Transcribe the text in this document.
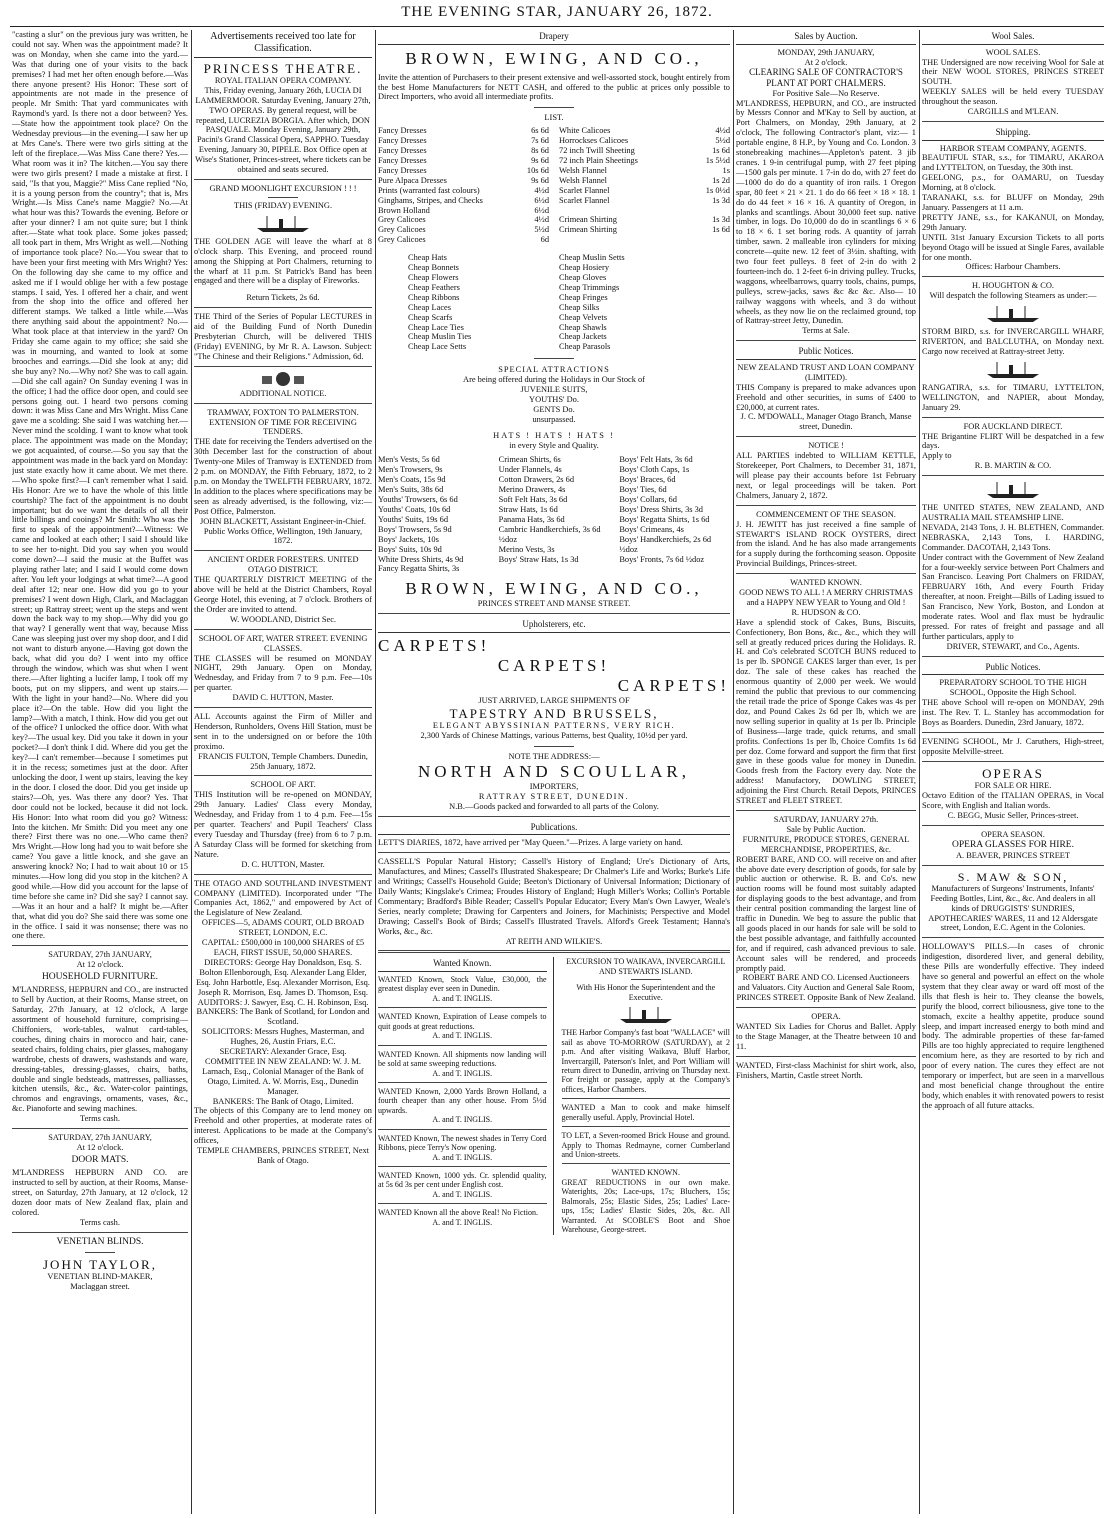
THE EVENING STAR, JANUARY 26, 1872.

"casting a slur" on the previous jury was written, he could not say. When was the appointment made? It was on Monday, when she came into the yard.—Was that during one of your visits to the back premises? I had met her often enough before.—Was there anyone present? His Honor: These sort of appointments are not made in the presence of people. Mr Smith: That yard communicates with Raymond's yard. Is there not a door between? Yes.—State how the appointment took place? On the Wednesday previous—in the evening—I saw her up at Mrs Cane's. There were two girls sitting at the left of the fireplace.—Was Miss Cane there? Yes.—What room was it in? The kitchen.—You say there were two girls present? I made a mistake at first. I said, "Is that you, Maggie?" Miss Cane replied "No, it is a young person from the country"; that is, Mrs Wright.—Is Miss Cane's name Maggie? No.—At what hour was this? Towards the evening. Before or after your dinner? I am not quite sure; but I think after.—State what took place. Some jokes passed; all took part in them, Mrs Wright as well.—Nothing of importance took place? No.—You swear that to have been your first meeting with Mrs Wright? Yes: On the following day she came to my office and asked me if I would oblige her with a few postage stamps. I said, Yes. I offered her a chair, and went from the shop into the office and offered her different stamps. We talked a little while.—Was there anything said about the appointment? No.—What took place at that interview in the yard? On Friday she came again to my office; she said she was in mourning, and wanted to look at some brooches and earrings.—Did she look at any; did she buy any? No.—Why not? She was to call again.—Did she call again? On Sunday evening I was in the office; I had the office door open, and could see persons going out. I heard two persons coming down: it was Miss Cane and Mrs Wright. Miss Cane gave me a scolding: She said I was watching her.—Never mind the scolding. I want to know what took place. The appointment was made on the Monday; we got acquainted, of course.—So you say that the appointment was made in the back yard on Monday: just state exactly how it came about. We met there.—Who spoke first?—I can't remember what I said. His Honor: Are we to have the whole of this little courtship? The fact of the appointment is no doubt important; but do we want the details of all their little billings and cooings? Mr Smith: Who was the first to speak of the appointment?—Witness: We came and looked at each other; I said I should like to see her to-night. Did you say when you would come down?—I said the music at the Buffet was playing rather late; and I said I would come down after. You left your lodgings at what time?—A good deal after 12; near one. How did you go to your premises? I went down High, Clark, and Maclaggan street; up Rattray street; went up the steps and went down the back way to my shop.—Why did you go that way? I generally went that way, because Miss Cane was sleeping just over my shop door, and I did not want to disturb anyone.—Having got down the back, what did you do? I went into my office through the window, which was shut when I went there.—After lighting a lucifer lamp, I took off my boots, put on my slippers, and went up stairs.—With the light in your hand?—No. Where did you place it?—On the table. How did you light the lamp?—With a match, I think. How did you get out of the office? I unlocked the office door. With what key?—The usual key. Did you take it down in your pocket?—I don't think I did. Where did you get the key?—I can't remember—because I sometimes put it in the recess; sometimes just at the door. After unlocking the door, I went up stairs, leaving the key in the door. I closed the door. Did you get inside up stairs?—Oh, yes. Was there any door? Yes. That door could not be locked, because it did not lock. His Honor: Into what room did you go? Witness: Into the kitchen. Mr Smith: Did you meet any one there? First there was no one.—Who came then? Mrs Wright.—How long had you to wait before she came? You gave a little knock, and she gave an answering knock? No; I had to wait about 10 or 15 minutes.—How long did you stop in the kitchen? A good while.—How did you account for the lapse of time before she came in? Did she say? I cannot say.—Was it an hour and a half? It might be.—After that, what did you do? She said there was some one in the office. I said it was nonsense; there was no one there.

SATURDAY, 27th JANUARY,

At 12 o'clock.

HOUSEHOLD FURNITURE.

M'LANDRESS, HEPBURN and CO., are instructed to Sell by Auction, at their Rooms, Manse street, on Saturday, 27th January, at 12 o'clock, A large assortment of household furniture, comprising—Chiffoniers, work-tables, walnut card-tables, couches, dining chairs in morocco and hair, cane-seated chairs, folding chairs, pier glasses, mahogany wardrobe, chests of drawers, washstands and ware, dressing-tables, dressing-glasses, chairs, baths, double and single bedsteads, mattresses, palliasses, kitchen utensils, &c., &c. Water-color paintings, chromos and engravings, ornaments, vases, &c., &c. Pianoforte and sewing machines.

Terms cash.

SATURDAY, 27th JANUARY,

At 12 o'clock.

DOOR MATS.

M'LANDRESS HEPBURN AND CO. are instructed to sell by auction, at their Rooms, Manse-street, on Saturday, 27th January, at 12 o'clock, 12 dozen door mats of New Zealand flax, plain and colored.

Terms cash.

VENETIAN BLINDS.

JOHN TAYLOR,

VENETIAN BLIND-MAKER,

Maclaggan street.

Advertisements received too late for Classification.

PRINCESS THEATRE.

ROYAL ITALIAN OPERA COMPANY.

This, Friday evening, January 26th, LUCIA DI LAMMERMOOR. Saturday Evening, January 27th, TWO OPERAS. By general request, will be repeated, LUCREZIA BORGIA. After which, DON PASQUALE. Monday Evening, January 29th, Pacini's Grand Classical Opera, SAPPHO. Tuesday Evening, January 30, PIPELE. Box Office open at Wise's Stationer, Princes-street, where tickets can be obtained and seats secured.

GRAND MOONLIGHT EXCURSION ! ! !

THIS (FRIDAY) EVENING.

THE GOLDEN AGE will leave the wharf at 8 o'clock sharp. This Evening, and proceed round among the Shipping at Port Chalmers, returning to the wharf at 11 p.m. St Patrick's Band has been engaged and there will be a display of Fireworks.

Return Tickets, 2s 6d.

THE Third of the Series of Popular LECTURES in aid of the Building Fund of North Dunedin Presbyterian Church, will be delivered THIS (Friday) EVENING, by Mr R. A. Lawson. Subject: "The Chinese and their Religions." Admission, 6d.

ADDITIONAL NOTICE.

TRAMWAY, FOXTON TO PALMERSTON.

EXTENSION OF TIME FOR RECEIVING TENDERS.

THE date for receiving the Tenders advertised on the 30th December last for the construction of about Twenty-one Miles of Tramway is EXTENDED from 2 p.m. on MONDAY, the Fifth February, 1872, to 2 p.m. on Monday the TWELFTH FEBRUARY, 1872. In addition to the places where specifications may be seen as already advertised, is the following, viz:— Post Office, Palmerston.

JOHN BLACKETT, Assistant Engineer-in-Chief. Public Works Office, Wellington, 19th January, 1872.

ANCIENT ORDER FORESTERS. UNITED OTAGO DISTRICT.

THE QUARTERLY DISTRICT MEETING of the above will be held at the District Chambers, Royal George Hotel, this evening, at 7 o'clock. Brothers of the Order are invited to attend.

W. WOODLAND, District Sec.

SCHOOL OF ART, WATER STREET. EVENING CLASSES.

THE CLASSES will be resumed on MONDAY NIGHT, 29th January. Open on Monday, Wednesday, and Friday from 7 to 9 p.m. Fee—10s per quarter.

DAVID C. HUTTON, Master.

ALL Accounts against the Firm of Miller and Henderson, Runholders, Ovens Hill Station, must be sent in to the undersigned on or before the 10th proximo.

FRANCIS FULTON, Temple Chambers. Dunedin, 25th January, 1872.

SCHOOL OF ART.

THIS Institution will be re-opened on MONDAY, 29th January. Ladies' Class every Monday, Wednesday, and Friday from 1 to 4 p.m. Fee—15s per quarter. Teachers' and Pupil Teachers' Class every Tuesday and Thursday (free) from 6 to 7 p.m. A Saturday Class will be formed for sketching from Nature.

D. C. HUTTON, Master.

THE OTAGO AND SOUTHLAND INVESTMENT COMPANY (LIMITED). Incorporated under "The Companies Act, 1862," and empowered by Act of the Legislature of New Zealand.

OFFICES—5, ADAMS COURT, OLD BROAD STREET, LONDON, E.C.

CAPITAL: £500,000 in 100,000 SHARES of £5 EACH, FIRST ISSUE, 50,000 SHARES.

DIRECTORS: George Hay Donaldson, Esq. S. Bolton Ellenborough, Esq. Alexander Lang Elder, Esq. John Harbottle, Esq. Alexander Morrison, Esq. Joseph R. Morrison, Esq. James D. Thomson, Esq.

AUDITORS: J. Sawyer, Esq. C. H. Robinson, Esq.

BANKERS: The Bank of Scotland, for London and Scotland.

SOLICITORS: Messrs Hughes, Masterman, and Hughes, 26, Austin Friars, E.C.

SECRETARY: Alexander Grace, Esq.

COMMITTEE IN NEW ZEALAND: W. J. M. Larnach, Esq., Colonial Manager of the Bank of Otago, Limited. A. W. Morris, Esq., Dunedin Manager.

BANKERS: The Bank of Otago, Limited.

The objects of this Company are to lend money on Freehold and other properties, at moderate rates of interest. Applications to be made at the Company's offices,

TEMPLE CHAMBERS, PRINCES STREET, Next Bank of Otago.

Drapery

BROWN, EWING, AND CO.,

Invite the attention of Purchasers to their present extensive and well-assorted stock, bought entirely from the best Home Manufacturers for NETT CASH, and offered to the public at prices only possible to Direct Importers, who avoid all intermediate profits.

LIST.

Fancy Dresses	6s 6d
Fancy Dresses	7s 6d
Fancy Dresses	8s 6d
Fancy Dresses	9s 6d
Fancy Dresses	10s 6d
Pure Alpaca Dresses	9s 6d
Prints (warranted fast colours)	4½d
Ginghams, Stripes, and Checks	6½d
Brown Holland	6½d
Grey Calicoes	4½d
Grey Calicoes	5½d
Grey Calicoes	6d
White Calicoes	4½d
Horrockses Calicoes	5½d
72 inch Twill Sheeting	1s 6d
72 inch Plain Sheetings	1s 5½d
Welsh Flannel	1s
Welsh Flannel	1s 2d
Scarlet Flannel	1s 0½d
Scarlet Flannel	1s 3d

Crimean Shirting	1s 3d
Crimean Shirting	1s 6d

Cheap Hats
Cheap Bonnets
Cheap Flowers
Cheap Feathers
Cheap Ribbons
Cheap Laces
Cheap Scarfs
Cheap Lace Ties
Cheap Muslin Ties
Cheap Lace Setts
Cheap Muslin Setts
Cheap Hosiery
Cheap Gloves
Cheap Trimmings
Cheap Fringes
Cheap Silks
Cheap Velvets
Cheap Shawls
Cheap Jackets
Cheap Parasols

SPECIAL ATTRACTIONS

Are being offered during the Holidays in Our Stock of

JUVENILE SUITS,
YOUTHS' Do.
GENTS Do.

unsurpassed.

HATS ! HATS ! HATS !

in every Style and Quality.

Men's Vests, 5s 6d
Men's Trowsers, 9s
Men's Coats, 15s 9d
Men's Suits, 38s 6d
Youths' Trowsers, 6s 6d
Youths' Coats, 10s 6d
Youths' Suits, 19s 6d
Boys' Trowsers, 5s 9d
Boys' Jackets, 10s
Boys' Suits, 10s 9d
White Dress Shirts, 4s 9d
Fancy Regatta Shirts, 3s
Crimean Shirts, 6s
Under Flannels, 4s
Cotton Drawers, 2s 6d
Merino Drawers, 4s
Soft Felt Hats, 3s 6d
Straw Hats, 1s 6d
Panama Hats, 3s 6d
Cambric Handkerchiefs, 3s 6d ½doz
Merino Vests, 3s
Boys' Straw Hats, 1s 3d
Boys' Felt Hats, 3s 6d
Boys' Cloth Caps, 1s
Boys' Braces, 6d
Boys' Ties, 6d
Boys' Collars, 6d
Boys' Dress Shirts, 3s 3d
Boys' Regatta Shirts, 1s 6d
Boys' Crimeans, 4s
Boys' Handkerchiefs, 2s 6d ½doz
Boys' Fronts, 7s 6d ½doz

BROWN, EWING, AND CO.,

PRINCES STREET AND MANSE STREET.

Upholsterers, etc.

CARPETS!

CARPETS!

CARPETS!

JUST ARRIVED, LARGE SHIPMENTS OF

TAPESTRY AND BRUSSELS,

ELEGANT ABYSSINIAN PATTERNS, VERY RICH.

2,300 Yards of Chinese Mattings, various Patterns, best Quality, 10½d per yard.

NOTE THE ADDRESS:—

NORTH AND SCOULLAR,

IMPORTERS,

RATTRAY STREET, DUNEDIN.

N.B.—Goods packed and forwarded to all parts of the Colony.

Publications.

LETT'S DIARIES, 1872, have arrived per "May Queen."—Prizes. A large variety on hand.

CASSELL'S Popular Natural History; Cassell's History of England; Ure's Dictionary of Arts, Manufactures, and Mines; Cassell's Illustrated Shakespeare; Dr Chalmer's Life and Works; Burke's Life and Writings; Cassell's Household Guide; Beeton's Dictionary of Universal Information; Dictionary of Daily Wants; Kingslake's Crimea; Froudes History of England; Hugh Miller's Works; Collin's Portable Commentary; Bradford's Bible Reader; Cassell's Popular Educator; Every Man's Own Lawyer, Weale's Series, nearly complete; Drawing for Carpenters and Joiners, for Machinists; Perspective and Model Drawing; Cassell's Book of Birds; Cassell's Illustrated Travels. Alford's Greek Testament; Hanna's Works, &c., &c.

AT REITH AND WILKIE'S.

Wanted Known.

WANTED Known, Stock Value, £30,000, the greatest display ever seen in Dunedin.

A. and T. INGLIS.

WANTED Known, Expiration of Lease compels to quit goods at great reductions.

A. and T. INGLIS.

WANTED Known. All shipments now landing will be sold at same sweeping reductions.

A. and T. INGLIS.

WANTED Known, 2,000 Yards Brown Holland, a fourth cheaper than any other house. From 5½d upwards.

A. and T. INGLIS.

WANTED Known, The newest shades in Terry Cord Ribbons, piece Terry's Now opening.

A. and T. INGLIS.

WANTED Known, 1000 yds. Cr. splendid quality, at 5s 6d 3s per cent under English cost.

A. and T. INGLIS.

WANTED Known all the above Real! No Fiction.

A. and T. INGLIS.

EXCURSION TO WAIKAVA, INVERCARGILL AND STEWARTS ISLAND.

With His Honor the Superintendent and the Executive.

THE Harbor Company's fast boat "WALLACE" will sail as above TO-MORROW (SATURDAY), at 2 p.m. And after visiting Waikava, Bluff Harbor, Invercargill, Paterson's Inlet, and Port William will return direct to Dunedin, arriving on Thursday next. For freight or passage, apply at the Company's offices, Harbor Chambers.

WANTED a Man to cook and make himself generally useful. Apply, Provincial Hotel.

TO LET, a Seven-roomed Brick House and ground. Apply to Thomas Redmayne, corner Cumberland and Union-streets.

WANTED KNOWN.

GREAT REDUCTIONS in our own make. Waterights, 20s; Lace-ups, 17s; Bluchers, 15s; Balmorals, 25s; Elastic Sides, 25s; Ladies' Lace-ups, 15s; Ladies' Elastic Sides, 20s, &c. All Warranted. At SCOBLE'S Boot and Shoe Warehouse, George-street.

Sales by Auction.

MONDAY, 29th JANUARY,

At 2 o'clock.

CLEARING SALE OF CONTRACTOR'S PLANT AT PORT CHALMERS.

For Positive Sale—No Reserve.

M'LANDRESS, HEPBURN, and CO., are instructed by Messrs Connor and M'Kay to Sell by auction, at Port Chalmers, on Monday, 29th January, at 2 o'clock, The following Contractor's plant, viz:— 1 portable engine, 8 H.P., by Young and Co. London. 3 stonebreaking machines—Appleton's patent. 3 jib cranes. 1 9-in centrifugal pump, with 27 feet piping —1500 gals per minute. 1 7-in do do, with 27 feet do—1000 do do do a quantity of iron rails. 1 Oregon spar, 80 feet × 21 × 21. 1 do do 66 feet × 18 × 18. 1 do do 44 feet × 16 × 16. A quantity of Oregon, in planks and scantlings. About 30,000 feet sup. native timber, in logs. Do 10,000 do do in scantlings 6 × 6 to 18 × 6. 1 set boring rods. A quantity of jarrah timber, sawn. 2 malleable iron cylinders for mixing concrete—quite new. 12 feet of 3½in. shafting, with two four feet pulleys. 8 feet of 2-in do with 2 fourteen-inch do. 1 2-feet 6-in driving pulley. Trucks, waggons, wheelbarrows, quarry tools, chains, pumps, pulleys, screw-jacks, saws &c &c &c. Also— 10 railway waggons with wheels, and 3 do without wheels, as they now lie on the reclaimed ground, top of Rattray-street Jetty, Dunedin.

Terms at Sale.

Public Notices.

NEW ZEALAND TRUST AND LOAN COMPANY (LIMITED).

THIS Company is prepared to make advances upon Freehold and other securities, in sums of £400 to £20,000, at current rates.

J. C. M'DOWALL, Manager Otago Branch, Manse street, Dunedin.

NOTICE !

ALL PARTIES indebted to WILLIAM KETTLE, Storekeeper, Port Chalmers, to December 31, 1871, will please pay their accounts before 1st February next, or legal proceedings will be taken. Port Chalmers, January 2, 1872.

COMMENCEMENT OF THE SEASON.

J. H. JEWITT has just received a fine sample of STEWART'S ISLAND ROCK OYSTERS, direct from the island. And he has also made arrangements for a supply during the forthcoming season. Opposite Provincial Buildings, Princes-street.

WANTED KNOWN.

GOOD NEWS TO ALL ! A MERRY CHRISTMAS and a HAPPY NEW YEAR to Young and Old !

R. HUDSON & CO.

Have a splendid stock of Cakes, Buns, Biscuits, Confectionery, Bon Bons, &c., &c., which they will sell at greatly reduced prices during the Holidays. R. H. and Co's celebrated SCOTCH BUNS reduced to 1s per lb. SPONGE CAKES larger than ever, 1s per doz. The sale of these cakes has reached the enormous quantity of 2,000 per week. We would remind the public that previous to our commencing the retail trade the price of Sponge Cakes was 4s per doz, and Pound Cakes 2s 6d per lb, which we are now selling superior in quality at 1s per lb. Principle of Business—large trade, quick returns, and small profits. Confections 1s per lb, Choice Comfits 1s 6d per doz. Come forward and support the firm that first gave in these goods value for money in Dunedin. Goods fresh from the Factory every day. Note the address! Manufactory, DOWLING STREET, adjoining the First Church. Retail Depots, PRINCES STREET and FLEET STREET.

SATURDAY, JANUARY 27th.

Sale by Public Auction.

FURNITURE, PRODUCE STORES, GENERAL MERCHANDISE, PROPERTIES, &c.

ROBERT BARE, AND CO. will receive on and after the above date every description of goods, for sale by public auction or otherwise. R. B. and Co's. new auction rooms will be found most suitably adapted for displaying goods to the best advantage, and from their central position commanding the largest line of traffic in Dunedin. We beg to assure the public that all goods placed in our hands for sale will be sold to the best possible advantage, and faithfully accounted for, and if required, cash advanced previous to sale. Account sales will be rendered, and proceeds promptly paid.

ROBERT BARE AND CO. Licensed Auctioneers and Valuators. City Auction and General Sale Room, PRINCES STREET. Opposite Bank of New Zealand.

OPERA.

WANTED Six Ladies for Chorus and Ballet. Apply to the Stage Manager, at the Theatre between 10 and 11.

WANTED, First-class Machinist for shirt work, also, Finishers, Martin, Castle street North.

Wool Sales.

WOOL SALES.

THE Undersigned are now receiving Wool for Sale at their NEW WOOL STORES, PRINCES STREET SOUTH.

WEEKLY SALES will be held every TUESDAY throughout the season.

CARGILLS and M'LEAN.

Shipping.

HARBOR STEAM COMPANY, AGENTS.

BEAUTIFUL STAR, s.s., for TIMARU, AKAROA and LYTTELTON, on Tuesday, the 30th inst.

GEELONG, p.s., for OAMARU, on Tuesday Morning, at 8 o'clock.

TARANAKI, s.s. for BLUFF on Monday, 29th January. Passengers at 11 a.m.

PRETTY JANE, s.s., for KAKANUI, on Monday, 29th January.

UNTIL 31st January Excursion Tickets to all ports beyond Otago will be issued at Single Fares, available for one month.

Offices: Harbour Chambers.

H. HOUGHTON & CO.

Will despatch the following Steamers as under:—

STORM BIRD, s.s. for INVERCARGILL WHARF, RIVERTON, and BALCLUTHA, on Monday next. Cargo now received at Rattray-street Jetty.

RANGATIRA, s.s. for TIMARU, LYTTELTON, WELLINGTON, and NAPIER, about Monday, January 29.

FOR AUCKLAND DIRECT.

THE Brigantine FLIRT Will be despatched in a few days.

Apply to

R. B. MARTIN & CO.

THE UNITED STATES, NEW ZEALAND, AND AUSTRALIA MAIL STEAMSHIP LINE.

NEVADA, 2143 Tons, J. H. BLETHEN, Commander. NEBRASKA, 2,143 Tons, I. HARDING, Commander. DACOTAH, 2,143 Tons.

Under contract with the Government of New Zealand for a four-weekly service between Port Chalmers and San Francisco. Leaving Port Chalmers on FRIDAY, FEBRUARY 16th, And every Fourth Friday thereafter, at noon. Freight—Bills of Lading issued to San Francisco, New York, Boston, and London at moderate rates. Wool and flax must be hydraulic pressed. For rates of freight and passage and all further particulars, apply to

DRIVER, STEWART, and Co., Agents.

Public Notices.

PREPARATORY SCHOOL TO THE HIGH SCHOOL, Opposite the High School.

THE above School will re-open on MONDAY, 29th inst. The Rev. T. L. Stanley has accommodation for Boys as Boarders. Dunedin, 23rd January, 1872.

EVENING SCHOOL, Mr J. Caruthers, High-street, opposite Melville-street.

OPERAS

FOR SALE OR HIRE.

Octavo Edition of the ITALIAN OPERAS, in Vocal Score, with English and Italian words.

C. BEGG, Music Seller, Princes-street.

OPERA SEASON.

OPERA GLASSES FOR HIRE.

A. BEAVER, PRINCES STREET

S. MAW & SON,

Manufacturers of Surgeons' Instruments, Infants' Feeding Bottles, Lint, &c., &c. And dealers in all kinds of DRUGGISTS' SUNDRIES, APOTHECARIES' WARES, 11 and 12 Aldersgate street, London, E.C. Agent in the Colonies.

HOLLOWAY'S PILLS.—In cases of chronic indigestion, disordered liver, and general debility, these Pills are wonderfully effective. They indeed have so general and powerful an effect on the whole system that they clear away or ward off most of the ills that flesh is heir to. They cleanse the bowels, purify the blood, correct biliousness, give tone to the stomach, excite a healthy appetite, produce sound sleep, and impart increased energy to both mind and body. The admirable properties of these far-famed Pills are too highly appreciated to require lengthened encomium here, as they are resorted to by rich and poor of every nation. The cures they effect are not temporary or imperfect, but are seen in a marvellous and most beneficial change throughout the entire body, which enables it with renovated powers to resist the approach of all future attacks.
